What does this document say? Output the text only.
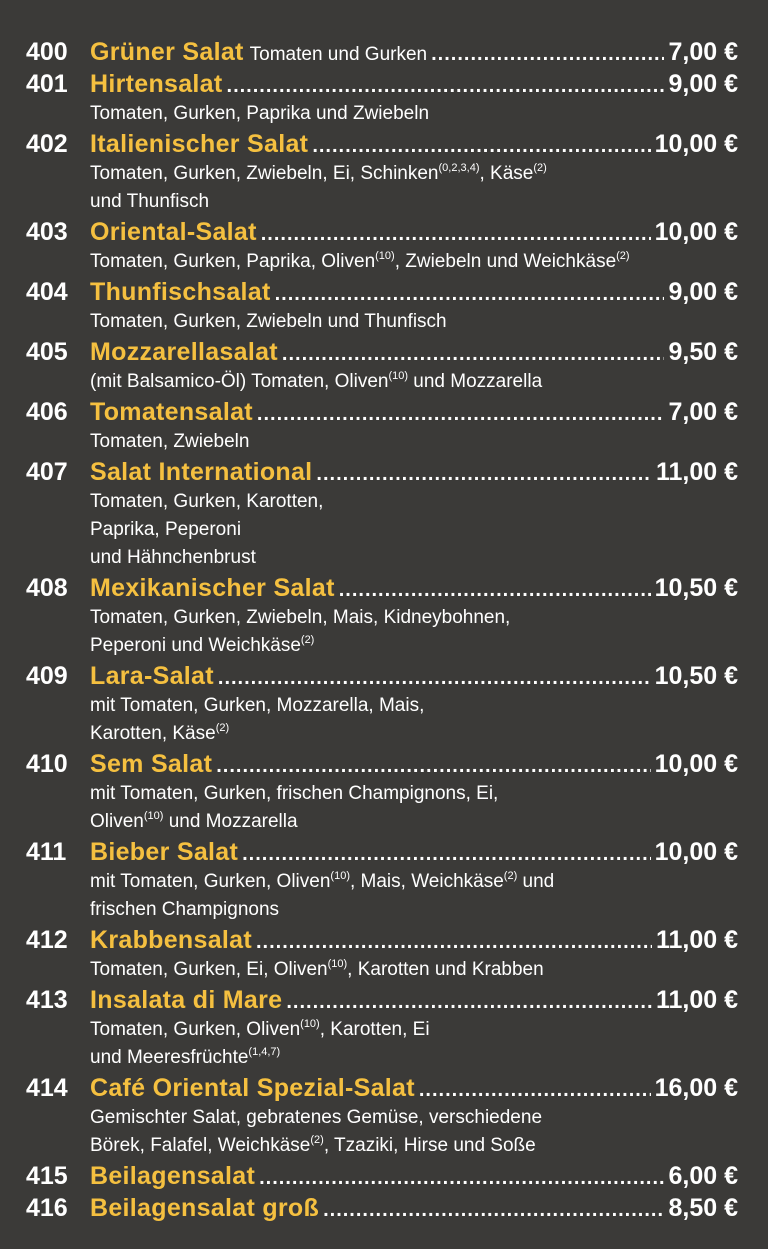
400 Grüner Salat Tomaten und Gurken .....	7,00 €
401 Hirtensalat .....	9,00 €
Tomaten, Gurken, Paprika und Zwiebeln
402 Italienischer Salat .....	10,00 €
Tomaten, Gurken, Zwiebeln, Ei, Schinken$^{(0,2,3,4)}$, Käse$^{(2)}$
und Thunfisch
403 Oriental-Salat .....	10,00 €
Tomaten, Gurken, Paprika, Oliven$^{(10)}$, Zwiebeln und Weichkäse$^{(2)}$
404 Thunfischsalat .....	9,00 €
Tomaten, Gurken, Zwiebeln und Thunfisch
405 Mozzarellasalat .....	9,50 €
(mit Balsamico-Öl) Tomaten, Oliven$^{(10)}$ und Mozzarella
406 Tomatensalat .....	7,00 €
Tomaten, Zwiebeln
407 Salat International .....	11,00 €
Tomaten, Gurken, Karotten,
Paprika, Peperoni
und Hähnchenbrust
408 Mexikanischer Salat .....	10,50 €
Tomaten, Gurken, Zwiebeln, Mais, Kidneybohnen,
Peperoni und Weichkäse$^{(2)}$
409 Lara-Salat .....	10,50 €
mit Tomaten, Gurken, Mozzarella, Mais,
Karotten, Käse$^{(2)}$
410 Sem Salat .....	10,00 €
mit Tomaten, Gurken, frischen Champignons, Ei,
Oliven$^{(10)}$ und Mozzarella
411 Bieber Salat .....	10,00 €
mit Tomaten, Gurken, Oliven$^{(10)}$, Mais, Weichkäse$^{(2)}$ und
frischen Champignons
412 Krabbensalat .....	11,00 €
Tomaten, Gurken, Ei, Oliven$^{(10)}$, Karotten und Krabben
413 Insalata di Mare .....	11,00 €
Tomaten, Gurken, Oliven$^{(10)}$, Karotten, Ei
und Meeresfrüchte$^{(1,4,7)}$
414 Café Oriental Spezial-Salat .....	16,00 €
Gemischter Salat, gebratenes Gemüse, verschiedene
Börek, Falafel, Weichkäse$^{(2)}$, Tzaziki, Hirse und Soße
415 Beilagensalat .....	6,00 €
416 Beilagensalat groß .....	8,50 €
